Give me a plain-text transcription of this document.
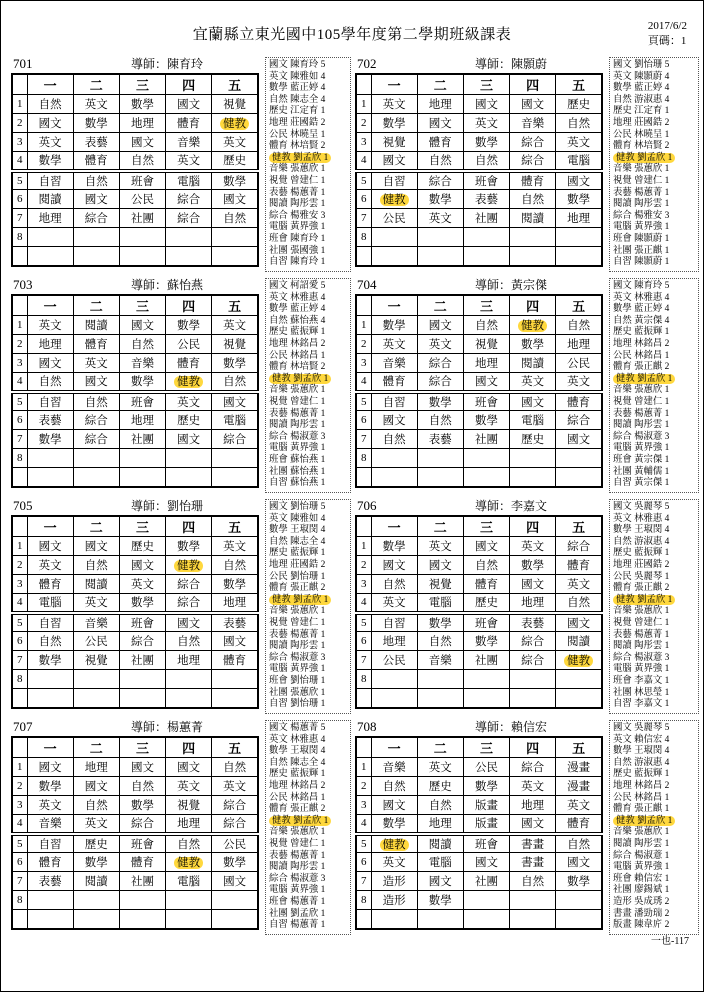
宜蘭縣立東光國中105學年度第二學期班級課表
2017/6/2
頁碼：1
701	導師：陳育玲
	一	二	三	四	五
1	自然	英文	數學	國文	視覺
2	國文	數學	地理	體育	健教
3	英文	表藝	國文	音樂	英文
4	數學	體育	自然	英文	歷史
5	自習	自然	班會	電腦	數學
6	閱讀	國文	公民	綜合	國文
7	地理	綜合	社團	綜合	自然
8					

國文 陳育玲 5
英文 陳雅如 4
數學 藍正婷 4
自然 陳志全 4
歷史 江定育 1
地理 莊國鋯 2
公民 林曉呈 1
體育 林培賢 2
健教 劉孟欣 1
音樂 張蕙欣 1
視覺 曾建仁 1
表藝 楊蕙菁 1
閱讀 陶彤雲 1
綜合 楊雅安 3
電腦 黃界強 1
班會 陳育玲 1
社團 張國強 1
自習 陳育玲 1
702	導師：陳顥蔚
	一	二	三	四	五
1	英文	地理	國文	國文	歷史
2	數學	國文	英文	音樂	自然
3	視覺	體育	數學	綜合	英文
4	國文	自然	自然	綜合	電腦
5	自習	綜合	班會	體育	國文
6	健教	數學	表藝	自然	數學
7	公民	英文	社團	閱讀	地理
8					

國文 劉怡珊 5
英文 陳顥蔚 4
數學 藍正婷 4
自然 游淑惠 4
歷史 江定育 1
地理 莊國鋯 2
公民 林曉呈 1
體育 林培賢 2
健教 劉孟欣 1
音樂 張蕙欣 1
視覺 曾建仁 1
表藝 楊蕙菁 1
閱讀 陶彤雲 1
綜合 楊雅安 3
電腦 黃界強 1
班會 陳顥蔚 1
社團 張正麒 1
自習 陳顥蔚 1
703	導師：蘇怡燕
	一	二	三	四	五
1	英文	閱讀	國文	數學	英文
2	地理	體育	自然	公民	視覺
3	國文	英文	音樂	體育	數學
4	自然	國文	數學	健教	自然
5	自習	自然	班會	英文	國文
6	表藝	綜合	地理	歷史	電腦
7	數學	綜合	社團	國文	綜合
8					

國文 柯詔愛 5
英文 林雅惠 4
數學 藍正婷 4
自然 蘇怡燕 4
歷史 藍振輝 1
地理 林銘昌 2
公民 林銘昌 1
體育 林培賢 2
健教 劉孟欣 1
音樂 張蕙欣 1
視覺 曾建仁 1
表藝 楊蕙菁 1
閱讀 陶彤雲 1
綜合 楊淑薏 3
電腦 黃界強 1
班會 蘇怡燕 1
社團 蘇怡燕 1
自習 蘇怡燕 1
704	導師：黃宗傑
	一	二	三	四	五
1	數學	國文	自然	健教	自然
2	英文	英文	視覺	數學	地理
3	音樂	綜合	地理	閱讀	公民
4	體育	綜合	國文	英文	英文
5	自習	數學	班會	國文	體育
6	國文	自然	數學	電腦	綜合
7	自然	表藝	社團	歷史	國文
8					

國文 陳育玲 5
英文 林雅惠 4
數學 藍正婷 4
自然 黃宗傑 4
歷史 藍振輝 1
地理 林銘昌 2
公民 林銘昌 1
體育 張正麒 2
健教 劉孟欣 1
音樂 張蕙欣 1
視覺 曾建仁 1
表藝 楊蕙菁 1
閱讀 陶彤雲 1
綜合 楊淑薏 3
電腦 黃界強 1
班會 黃宗傑 1
社團 黃輔儒 1
自習 黃宗傑 1
705	導師：劉怡珊
	一	二	三	四	五
1	國文	國文	歷史	數學	英文
2	英文	自然	國文	健教	自然
3	體育	閱讀	英文	綜合	數學
4	電腦	英文	數學	綜合	地理
5	自習	音樂	班會	國文	表藝
6	自然	公民	綜合	自然	國文
7	數學	視覺	社團	地理	體育
8					

國文 劉怡珊 5
英文 陳雅如 4
數學 王琡閔 4
自然 陳志全 4
歷史 藍振輝 1
地理 莊國鋯 2
公民 劉怡珊 1
體育 張正麒 2
健教 劉孟欣 1
音樂 張蕙欣 1
視覺 曾建仁 1
表藝 楊蕙菁 1
閱讀 陶彤雲 1
綜合 楊淑薏 3
電腦 黃界強 1
班會 劉怡珊 1
社團 張蕙欣 1
自習 劉怡珊 1
706	導師：李嘉文
	一	二	三	四	五
1	數學	英文	國文	英文	綜合
2	國文	國文	自然	數學	體育
3	自然	視覺	體育	國文	英文
4	英文	電腦	歷史	地理	自然
5	自習	數學	班會	表藝	國文
6	地理	自然	數學	綜合	閱讀
7	公民	音樂	社團	綜合	健教
8					

國文 吳麗琴 5
英文 林雅惠 4
數學 王琡閔 4
自然 游淑惠 4
歷史 藍振輝 1
地理 莊國鋯 2
公民 吳麗琴 1
體育 張正麒 2
健教 劉孟欣 1
音樂 張蕙欣 1
視覺 曾建仁 1
表藝 楊蕙菁 1
閱讀 陶彤雲 1
綜合 楊淑薏 3
電腦 黃界強 1
班會 李嘉文 1
社團 林思瑩 1
自習 李嘉文 1
707	導師：楊蕙菁
	一	二	三	四	五
1	國文	地理	國文	國文	自然
2	數學	國文	自然	英文	英文
3	英文	自然	數學	視覺	綜合
4	音樂	英文	綜合	地理	綜合
5	自習	歷史	班會	自然	公民
6	體育	數學	體育	健教	數學
7	表藝	閱讀	社團	電腦	國文
8					

國文 楊蕙菁 5
英文 林雅惠 4
數學 王琡閔 4
自然 陳志全 4
歷史 藍振輝 1
地理 林銘昌 2
公民 林銘昌 1
體育 張正麒 2
健教 劉孟欣 1
音樂 張蕙欣 1
視覺 曾建仁 1
表藝 楊蕙菁 1
閱讀 陶彤雲 1
綜合 楊淑薏 3
電腦 黃界強 1
班會 楊蕙菁 1
社團 劉孟欣 1
自習 楊蕙菁 1
708	導師：賴信宏
	一	二	三	四	五
1	音樂	英文	公民	綜合	漫畫
2	自然	歷史	數學	英文	漫畫
3	國文	自然	版畫	地理	英文
4	數學	地理	版畫	國文	體育
5	健教	閱讀	班會	書畫	自然
6	英文	電腦	國文	書畫	國文
7	造形	國文	社團	自然	數學
8	造形	數學			

國文 吳麗琴 5
英文 賴信宏 4
數學 王琡閔 4
自然 游淑惠 4
歷史 藍振輝 1
地理 林銘昌 2
公民 林銘昌 1
體育 張正麒 1
健教 劉孟欣 1
音樂 張蕙欣 1
閱讀 陶彤雲 1
綜合 楊淑薏 1
電腦 黃界強 1
班會 賴信宏 1
社團 廖錫斌 1
造形 吳成琇 2
書畫 潘勁瑞 2
版畫 陳韋庍 2
一也-117
